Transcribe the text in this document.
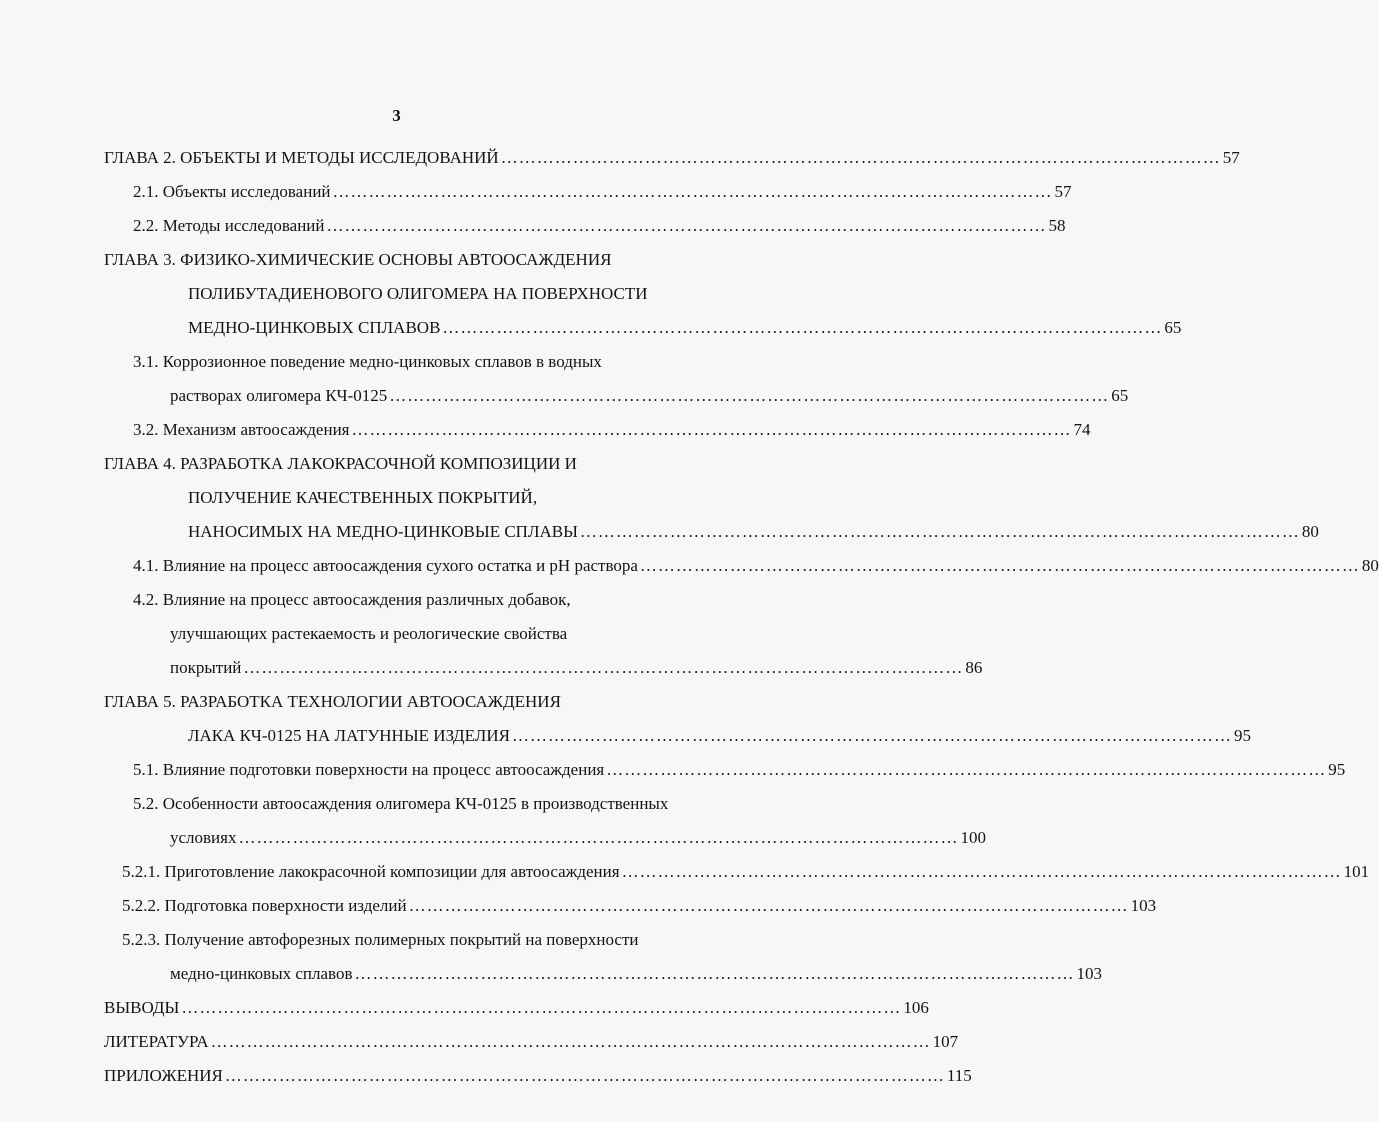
3
ГЛАВА 2. ОБЪЕКТЫ И МЕТОДЫ ИССЛЕДОВАНИЙ ………………………………………………………………………………………………………… 57
2.1. Объекты исследований ………………………………………………………………………………………………………… 57
2.2. Методы исследований ………………………………………………………………………………………………………… 58
ГЛАВА 3. ФИЗИКО-ХИМИЧЕСКИЕ ОСНОВЫ АВТООСАЖДЕНИЯ
ПОЛИБУТАДИЕНОВОГО ОЛИГОМЕРА НА ПОВЕРХНОСТИ
МЕДНО-ЦИНКОВЫХ СПЛАВОВ ………………………………………………………………………………………………………… 65
3.1. Коррозионное поведение медно-цинковых сплавов в водных
растворах олигомера КЧ-0125 ………………………………………………………………………………………………………… 65
3.2. Механизм автоосаждения ………………………………………………………………………………………………………… 74
ГЛАВА 4. РАЗРАБОТКА ЛАКОКРАСОЧНОЙ КОМПОЗИЦИИ И
ПОЛУЧЕНИЕ КАЧЕСТВЕННЫХ ПОКРЫТИЙ,
НАНОСИМЫХ НА МЕДНО-ЦИНКОВЫЕ СПЛАВЫ ………………………………………………………………………………………………………… 80
4.1. Влияние на процесс автоосаждения сухого остатка и pH раствора ………………………………………………………………………………………………………… 80
4.2. Влияние на процесс автоосаждения различных добавок,
улучшающих растекаемость и реологические свойства
покрытий ………………………………………………………………………………………………………… 86
ГЛАВА 5. РАЗРАБОТКА ТЕХНОЛОГИИ АВТООСАЖДЕНИЯ
ЛАКА КЧ-0125 НА ЛАТУННЫЕ ИЗДЕЛИЯ ………………………………………………………………………………………………………… 95
5.1. Влияние подготовки поверхности на процесс автоосаждения ………………………………………………………………………………………………………… 95
5.2. Особенности автоосаждения олигомера КЧ-0125 в производственных
условиях ………………………………………………………………………………………………………… 100
5.2.1. Приготовление лакокрасочной композиции для автоосаждения ………………………………………………………………………………………………………… 101
5.2.2. Подготовка поверхности изделий ………………………………………………………………………………………………………… 103
5.2.3. Получение автофорезных полимерных покрытий на поверхности
медно-цинковых сплавов ………………………………………………………………………………………………………… 103
ВЫВОДЫ ………………………………………………………………………………………………………… 106
ЛИТЕРАТУРА ………………………………………………………………………………………………………… 107
ПРИЛОЖЕНИЯ ………………………………………………………………………………………………………… 115
